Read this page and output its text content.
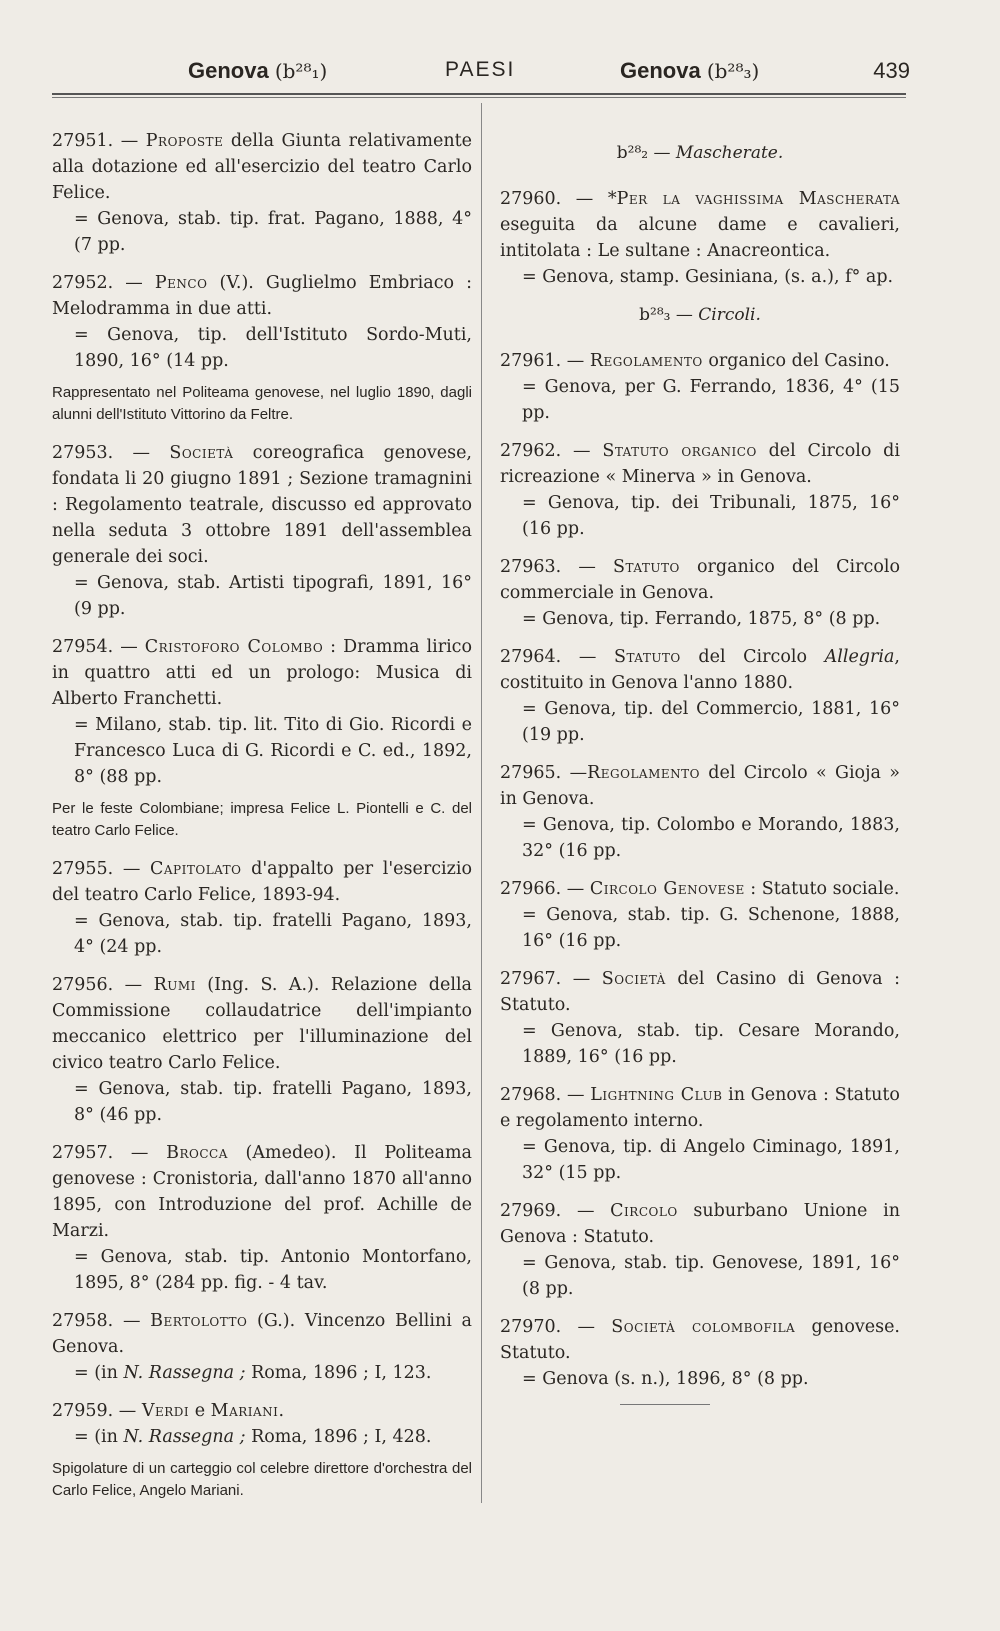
Genova (b²⁸₁)	PAESI	Genova (b²⁸₃)	439

27951. — Proposte della Giunta relativamente alla dotazione ed all'esercizio del teatro Carlo Felice.

= Genova, stab. tip. frat. Pagano, 1888, 4° (7 pp.

27952. — Penco (V.). Guglielmo Embriaco : Melodramma in due atti.

= Genova, tip. dell'Istituto Sordo-Muti, 1890, 16° (14 pp.

Rappresentato nel Politeama genovese, nel luglio 1890, dagli alunni dell'Istituto Vittorino da Feltre.

27953. — Società coreografica genovese, fondata li 20 giugno 1891 ; Sezione tramagnini : Regolamento teatrale, discusso ed approvato nella seduta 3 ottobre 1891 dell'assemblea generale dei soci.

= Genova, stab. Artisti tipografi, 1891, 16° (9 pp.

27954. — Cristoforo Colombo : Dramma lirico in quattro atti ed un prologo: Musica di Alberto Franchetti.

= Milano, stab. tip. lit. Tito di Gio. Ricordi e Francesco Luca di G. Ricordi e C. ed., 1892, 8° (88 pp.

Per le feste Colombiane; impresa Felice L. Piontelli e C. del teatro Carlo Felice.

27955. — Capitolato d'appalto per l'esercizio del teatro Carlo Felice, 1893-94.

= Genova, stab. tip. fratelli Pagano, 1893, 4° (24 pp.

27956. — Rumi (Ing. S. A.). Relazione della Commissione collaudatrice dell'impianto meccanico elettrico per l'illuminazione del civico teatro Carlo Felice.

= Genova, stab. tip. fratelli Pagano, 1893, 8° (46 pp.

27957. — Brocca (Amedeo). Il Politeama genovese : Cronistoria, dall'anno 1870 all'anno 1895, con Introduzione del prof. Achille de Marzi.

= Genova, stab. tip. Antonio Montorfano, 1895, 8° (284 pp. fig. - 4 tav.

27958. — Bertolotto (G.). Vincenzo Bellini a Genova.

= (in N. Rassegna ; Roma, 1896 ; I, 123.

27959. — Verdi e Mariani.

= (in N. Rassegna ; Roma, 1896 ; I, 428.

Spigolature di un carteggio col celebre direttore d'orchestra del Carlo Felice, Angelo Mariani.

b²⁸₂ — Mascherate.

27960. — *Per la vaghissima Mascherata eseguita da alcune dame e cavalieri, intitolata : Le sultane : Anacreontica.

= Genova, stamp. Gesiniana, (s. a.), f° ap.

b²⁸₃ — Circoli.

27961. — Regolamento organico del Casino.

= Genova, per G. Ferrando, 1836, 4° (15 pp.

27962. — Statuto organico del Circolo di ricreazione « Minerva » in Genova.

= Genova, tip. dei Tribunali, 1875, 16° (16 pp.

27963. — Statuto organico del Circolo commerciale in Genova.

= Genova, tip. Ferrando, 1875, 8° (8 pp.

27964. — Statuto del Circolo Allegria, costituito in Genova l'anno 1880.

= Genova, tip. del Commercio, 1881, 16° (19 pp.

27965. —Regolamento del Circolo « Gioja » in Genova.

= Genova, tip. Colombo e Morando, 1883, 32° (16 pp.

27966. — Circolo Genovese : Statuto sociale.

= Genova, stab. tip. G. Schenone, 1888, 16° (16 pp.

27967. — Società del Casino di Genova : Statuto.

= Genova, stab. tip. Cesare Morando, 1889, 16° (16 pp.

27968. — Lightning Club in Genova : Statuto e regolamento interno.

= Genova, tip. di Angelo Ciminago, 1891, 32° (15 pp.

27969. — Circolo suburbano Unione in Genova : Statuto.

= Genova, stab. tip. Genovese, 1891, 16° (8 pp.

27970. — Società colombofila genovese. Statuto.

= Genova (s. n.), 1896, 8° (8 pp.
